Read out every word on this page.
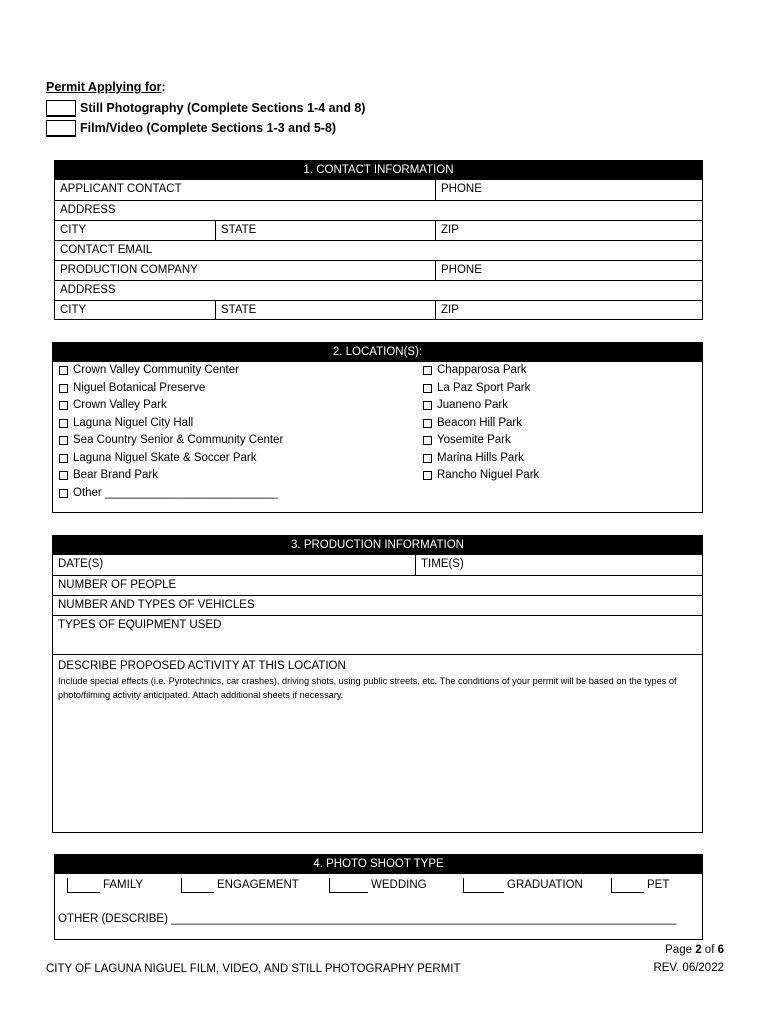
Permit Applying for:
Still Photography (Complete Sections 1-4 and 8)
Film/Video (Complete Sections 1-3 and 5-8)
1. CONTACT INFORMATION
APPLICANT CONTACT	PHONE
ADDRESS
CITY	STATE	ZIP
CONTACT EMAIL
PRODUCTION COMPANY	PHONE
ADDRESS
CITY	STATE	ZIP
2. LOCATION(S):
Crown Valley Community Center
Niguel Botanical Preserve
Crown Valley Park
Laguna Niguel City Hall
Sea Country Senior & Community Center
Laguna Niguel Skate & Soccer Park
Bear Brand Park
Other ___________________________
Chapparosa Park
La Paz Sport Park
Juaneno Park
Beacon Hill Park
Yosemite Park
Marina Hills Park
Rancho Niguel Park
3. PRODUCTION INFORMATION
DATE(S)	TIME(S)
NUMBER OF PEOPLE
NUMBER AND TYPES OF VEHICLES
TYPES OF EQUIPMENT USED
DESCRIBE PROPOSED ACTIVITY AT THIS LOCATION
Include special effects (i.e. Pyrotechnics, car crashes), driving shots, using public streets, etc. The conditions of your permit will be based on the types of photo/filming activity anticipated. Attach additional sheets if necessary.
4. PHOTO SHOOT TYPE
FAMILY	ENGAGEMENT	WEDDING	GRADUATION	PET
OTHER (DESCRIBE) _______________________________________________________________________________
CITY OF LAGUNA NIGUEL FILM, VIDEO, AND STILL PHOTOGRAPHY PERMIT
Page 2 of 6
REV. 06/2022
